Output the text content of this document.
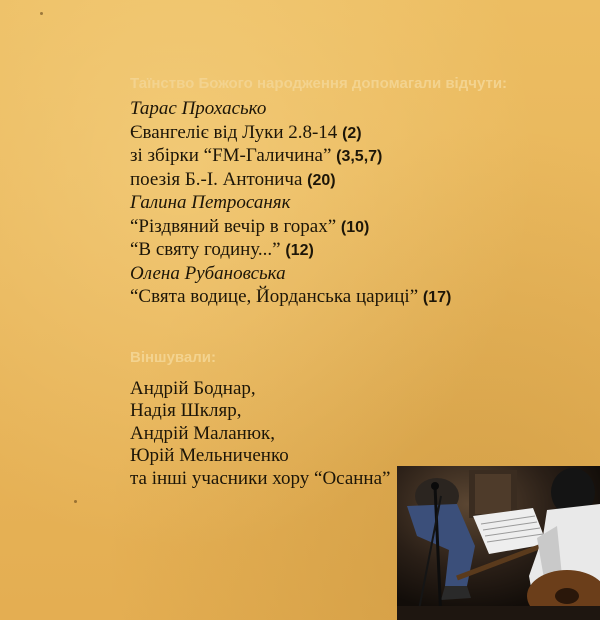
Таїнство Божого народження допомагали відчути:
Тарас Прохасько
Євангеліє від Луки 2.8-14 (2)
зі збірки “FM-Галичина” (3,5,7)
поезія Б.-І. Антонича (20)
Галина Петросаняк
“Різдвяний вечір в горах” (10)
“В святу годину...” (12)
Олена Рубановська
“Свята водице, Йорданська цариці” (17)
Віншували:
Андрій Боднар,
Надія Шкляр,
Андрій Маланюк,
Юрій Мельниченко
та інші учасники хору “Осанна”
